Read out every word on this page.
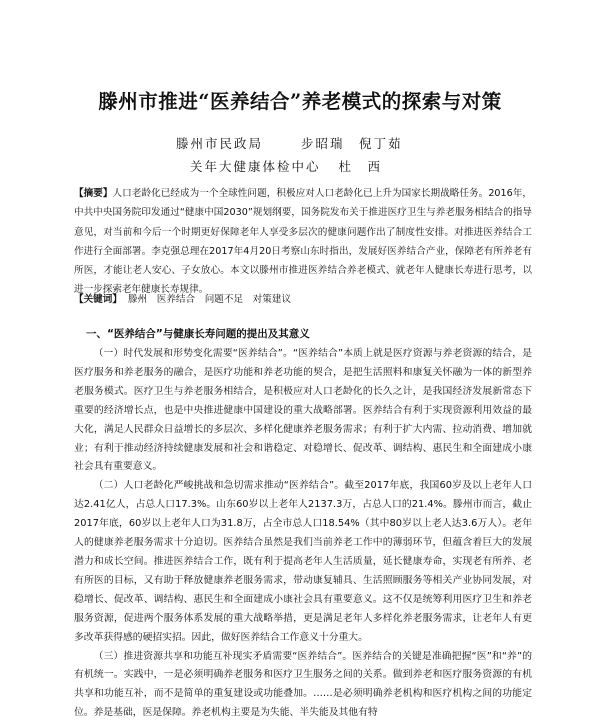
滕州市推进“医养结合”养老模式的探索与对策
滕州市民政局	步昭瑞　倪丁茹
关年大健康体检中心 杜　西
【摘要】人口老龄化已经成为一个全球性问题，积极应对人口老龄化已上升为国家长期战略任务。2016年，中共中央国务院印发通过“健康中国2030”规划纲要，国务院发布关于推进医疗卫生与养老服务相结合的指导意见，对当前和今后一个时期更好保障老年人享受多层次的健康问题作出了制度性安排。对推进医养结合工作进行全面部署。李克强总理在2017年4月20日考察山东时指出，发展好医养结合产业，保障老有所养老有所医，才能让老人安心、子女放心。本文以滕州市推进医养结合养老模式、就老年人健康长寿进行思考，以进一步探索老年健康长寿规律。
【关键词】 滕州　医养结合　问题不足　对策建议
一、“医养结合”与健康长寿问题的提出及其意义

（一）时代发展和形势变化需要“医养结合”。“医养结合”本质上就是医疗资源与养老资源的结合，是医疗服务和养老服务的融合，是医疗功能和养老功能的契合，是把生活照料和康复关怀融为一体的新型养老服务模式。医疗卫生与养老服务相结合，是积极应对人口老龄化的长久之计，是我国经济发展新常态下重要的经济增长点，也是中央推进健康中国建设的重大战略部署。医养结合有利于实现资源利用效益的最大化，满足人民群众日益增长的多层次、多样化健康养老服务需求；有利于扩大内需、拉动消费、增加就业；有利于推动经济持续健康发展和社会和谐稳定、对稳增长、促改革、调结构、惠民生和全面建成小康社会具有重要意义。

（二）人口老龄化严峻挑战和急切需求推动“医养结合”。截至2017年底，我国60岁及以上老年人口达2.41亿人，占总人口17.3%。山东60岁以上老年人2137.3万，占总人口的21.4%。滕州市而言，截止2017年底，60岁以上老年人口为31.8万，占全市总人口18.54%（其中80岁以上老人达3.6万人）。老年人的健康养老服务需求十分迫切。医养结合虽然是我们当前养老工作中的薄弱环节，但蕴含着巨大的发展潜力和成长空间。推进医养结合工作，既有利于提高老年人生活质量，延长健康寿命，实现老有所养、老有所医的目标，又有助于释放健康养老服务需求，带动康复辅具、生活照顾服务等相关产业协同发展，对稳增长、促改革、调结构、惠民生和全面建成小康社会具有重要意义。这不仅是统筹利用医疗卫生和养老服务资源，促进两个服务体系发展的重大战略举措，更是满足老年人多样化养老服务需求，让老年人有更多改革获得感的硬招实招。因此，做好医养结合工作意义十分重大。

（三）推进资源共享和功能互补现实矛盾需要“医养结合”。医养结合的关键是准确把握“医”和“养”的有机统一。实践中，一是必须明确养老服务和医疗卫生服务之间的关系。做到养老和医疗服务资源的有机共享和功能互补，而不是简单的重复建设或功能叠加。……是必须明确养老机构和医疗机构之间的功能定位。养是基础，医是保障。养老机构主要是为失能、半失能及其他有特
